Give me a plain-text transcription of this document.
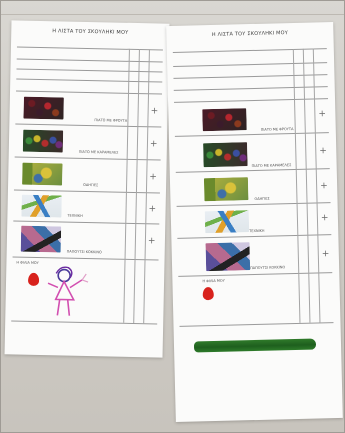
Η ΛΙΣΤΑ ΤΟΥ ΣΚΟΥΛΗΚΙ ΜΟΥ
ΠΙΑΤΟ ΜΕ ΦΡΟΥΤΑ
+
ΠΙΑΤΟ ΜΕ ΚΑΡΑΜΕΛΕΣ
+
ΟΔΗΓΙΕΣ
+
ΤΕΧΝΙΚΗ
+
ΠΑΠΟΥΤΣΙ ΚΟΚΚΙΝΟ
+
Η ΦΙΛΙΑ ΜΟΥ
Η ΛΙΣΤΑ ΤΟΥ ΣΚΟΥΛΗΚΙ ΜΟΥ
ΠΙΑΤΟ ΜΕ ΦΡΟΥΤΑ
+
ΠΙΑΤΟ ΜΕ ΚΑΡΑΜΕΛΕΣ
+
ΟΔΗΓΙΕΣ
+
ΤΕΧΝΙΚΗ
+
ΠΑΠΟΥΤΣΙ ΚΟΚΚΙΝΟ
+
Η ΦΙΛΙΑ ΜΟΥ
